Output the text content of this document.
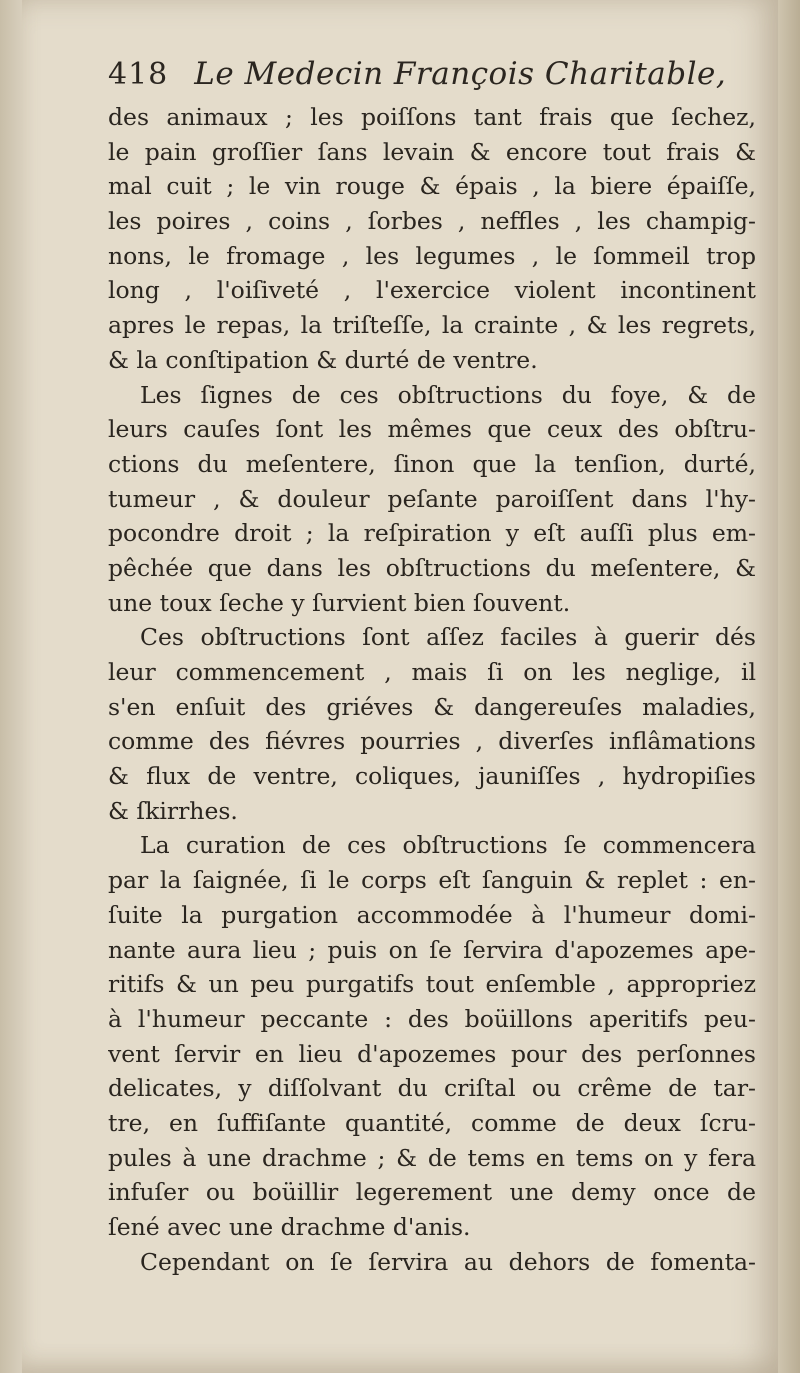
418 Le Medecin François Charitable,
des animaux ; les poiſſons tant frais que ſechez,
le pain groſſier ſans levain & encore tout frais &
mal cuit ; le vin rouge & épais , la biere épaiſſe,
les poires , coins , ſorbes , neffles , les champig-
nons, le fromage , les legumes , le ſommeil trop
long , l'oiſiveté , l'exercice violent incontinent
apres le repas, la triſteſſe, la crainte , & les regrets,
& la conſtipation & durté de ventre.
Les ſignes de ces obſtructions du foye, & de
leurs cauſes ſont les mêmes que ceux des obſtru-
ctions du meſentere, ſinon que la tenſion, durté,
tumeur , & douleur peſante paroiſſent dans l'hy-
pocondre droit ; la reſpiration y eſt auſſi plus em-
pêchée que dans les obſtructions du meſentere, &
une toux ſeche y ſurvient bien ſouvent.
Ces obſtructions ſont aſſez faciles à guerir dés
leur commencement , mais ſi on les neglige, il
s'en enſuit des griéves & dangereuſes maladies,
comme des fiévres pourries , diverſes inflâmations
& flux de ventre, coliques, jauniſſes , hydropiſies
& ſkirrhes.
La curation de ces obſtructions ſe commencera
par la ſaignée, ſi le corps eſt ſanguin & replet : en-
ſuite la purgation accommodée à l'humeur domi-
nante aura lieu ; puis on ſe ſervira d'apozemes ape-
ritifs & un peu purgatifs tout enſemble , appropriez
à l'humeur peccante : des boüillons aperitifs peu-
vent ſervir en lieu d'apozemes pour des perſonnes
delicates, y diſſolvant du criſtal ou crême de tar-
tre, en ſuffiſante quantité, comme de deux ſcru-
pules à une drachme ; & de tems en tems on y fera
infuſer ou boüillir legerement une demy once de
ſené avec une drachme d'anis.
Cependant on ſe ſervira au dehors de fomenta-
